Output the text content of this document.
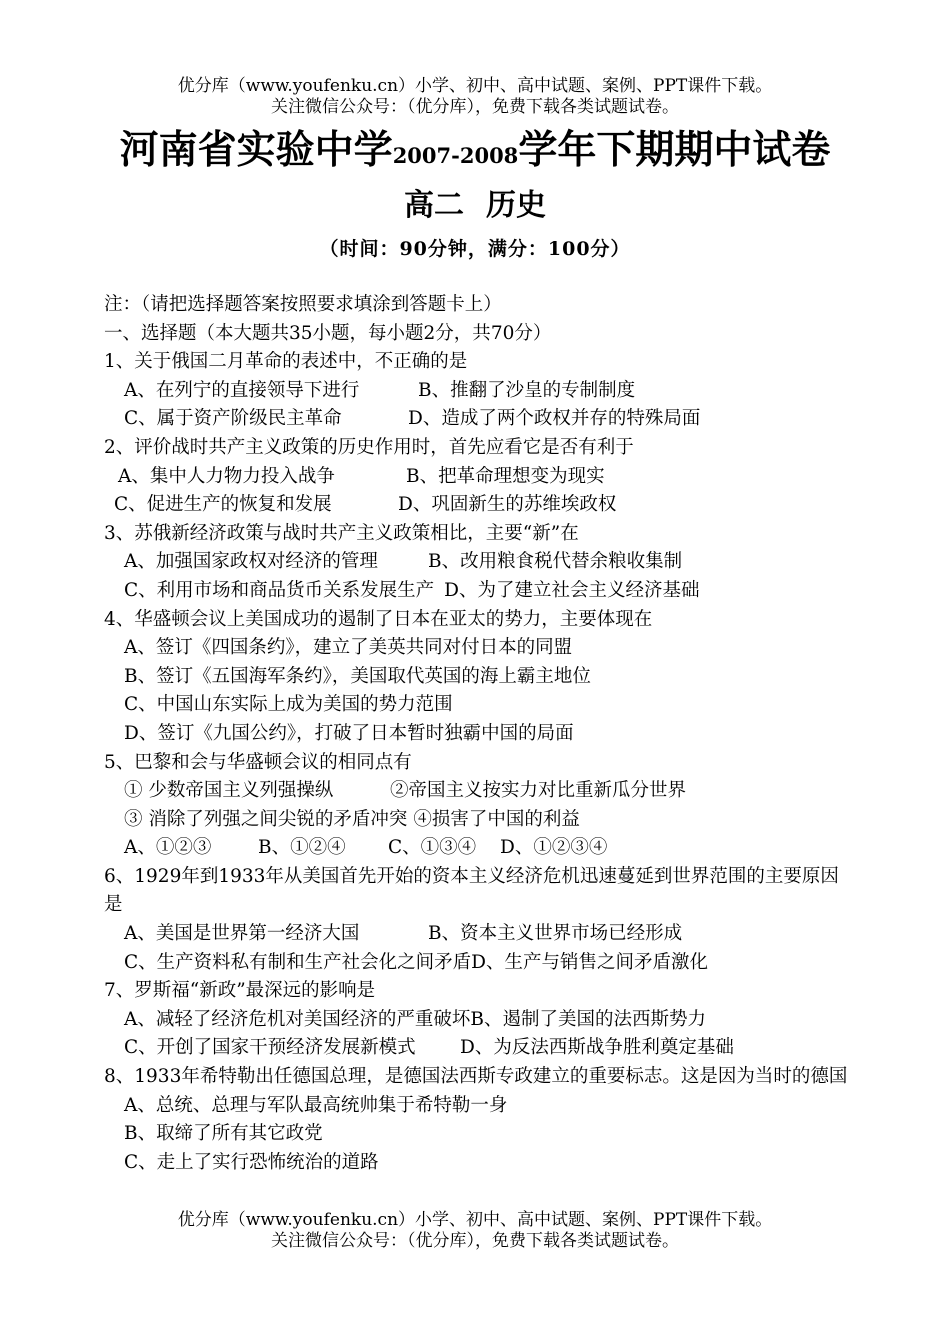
优分库（www.youfenku.cn）小学、初中、高中试题、案例、PPT课件下载。
关注微信公众号：（优分库），免费下载各类试题试卷。
河南省实验中学2007-2008学年下期期中试卷
高二 历史
（时间：90分钟，满分：100分）
注：（请把选择题答案按照要求填涂到答题卡上）
一、选择题（本大题共35小题，每小题2分，共70分）
1、关于俄国二月革命的表述中，不正确的是
A、在列宁的直接领导下进行	B、推翻了沙皇的专制制度
C、属于资产阶级民主革命	D、造成了两个政权并存的特殊局面
2、评价战时共产主义政策的历史作用时，首先应看它是否有利于
A、集中人力物力投入战争	B、把革命理想变为现实
C、促进生产的恢复和发展	D、巩固新生的苏维埃政权
3、苏俄新经济政策与战时共产主义政策相比，主要“新”在
A、加强国家政权对经济的管理	B、改用粮食税代替余粮收集制
C、利用市场和商品货币关系发展生产 D、为了建立社会主义经济基础
4、华盛顿会议上美国成功的遏制了日本在亚太的势力，主要体现在
A、签订《四国条约》，建立了美英共同对付日本的同盟
B、签订《五国海军条约》，美国取代英国的海上霸主地位
C、中国山东实际上成为美国的势力范围
D、签订《九国公约》，打破了日本暂时独霸中国的局面
5、巴黎和会与华盛顿会议的相同点有
① 少数帝国主义列强操纵	②帝国主义按实力对比重新瓜分世界
③ 消除了列强之间尖锐的矛盾冲突 ④损害了中国的利益
A、①②③	B、①②④ C、①③④ D、①②③④
6、1929年到1933年从美国首先开始的资本主义经济危机迅速蔓延到世界范围的主要原因是
A、美国是世界第一经济大国	B、资本主义世界市场已经形成
C、生产资料私有制和生产社会化之间矛盾D、生产与销售之间矛盾激化
7、罗斯福“新政”最深远的影响是
A、减轻了经济危机对美国经济的严重破坏B、遏制了美国的法西斯势力
C、开创了国家干预经济发展新模式 D、为反法西斯战争胜利奠定基础
8、1933年希特勒出任德国总理，是德国法西斯专政建立的重要标志。这是因为当时的德国
A、总统、总理与军队最高统帅集于希特勒一身
B、取缔了所有其它政党
C、走上了实行恐怖统治的道路
优分库（www.youfenku.cn）小学、初中、高中试题、案例、PPT课件下载。
关注微信公众号：（优分库），免费下载各类试题试卷。
